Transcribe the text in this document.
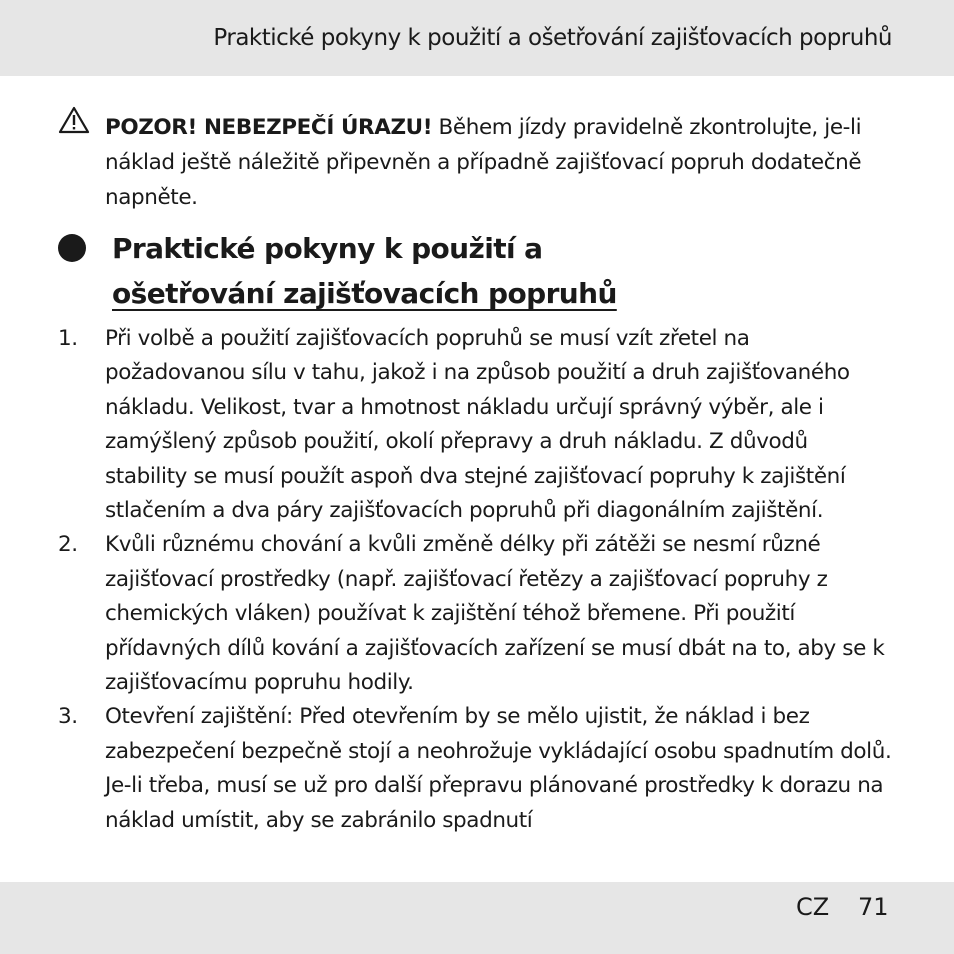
Praktické pokyny k použití a ošetřování zajišťovacích popruhů
POZOR! NEBEZPEČÍ ÚRAZU! Během jízdy pravidelně zkontrolujte, je-li náklad ještě náležitě připevněn a případně zajišťovací popruh dodatečně napněte.
Praktické pokyny k použití a
ošetřování zajišťovacích popruhů
1. Při volbě a použití zajišťovacích popruhů se musí vzít zřetel na požadovanou sílu v tahu, jakož i na způsob použití a druh zajišťovaného nákladu. Velikost, tvar a hmotnost nákladu určují správný výběr, ale i zamýšlený způsob použití, okolí přepravy a druh nákladu. Z důvodů stability se musí použít aspoň dva stejné zajišťovací popruhy k zajištění stlačením a dva páry zajišťovacích popruhů při diagonálním zajištění.
2. Kvůli různému chování a kvůli změně délky při zátěži se nesmí různé zajišťovací prostředky (např. zajišťovací řetězy a zajišťovací popruhy z chemických vláken) používat k zajištění téhož břemene. Při použití přídavných dílů kování a zajišťovacích zařízení se musí dbát na to, aby se k zajišťovacímu popruhu hodily.
3. Otevření zajištění: Před otevřením by se mělo ujistit, že náklad i bez zabezpečení bezpečně stojí a neohrožuje vykládající osobu spadnutím dolů. Je-li třeba, musí se už pro další přepravu plánované prostředky k dorazu na náklad umístit, aby se zabránilo spadnutí
CZ 71
